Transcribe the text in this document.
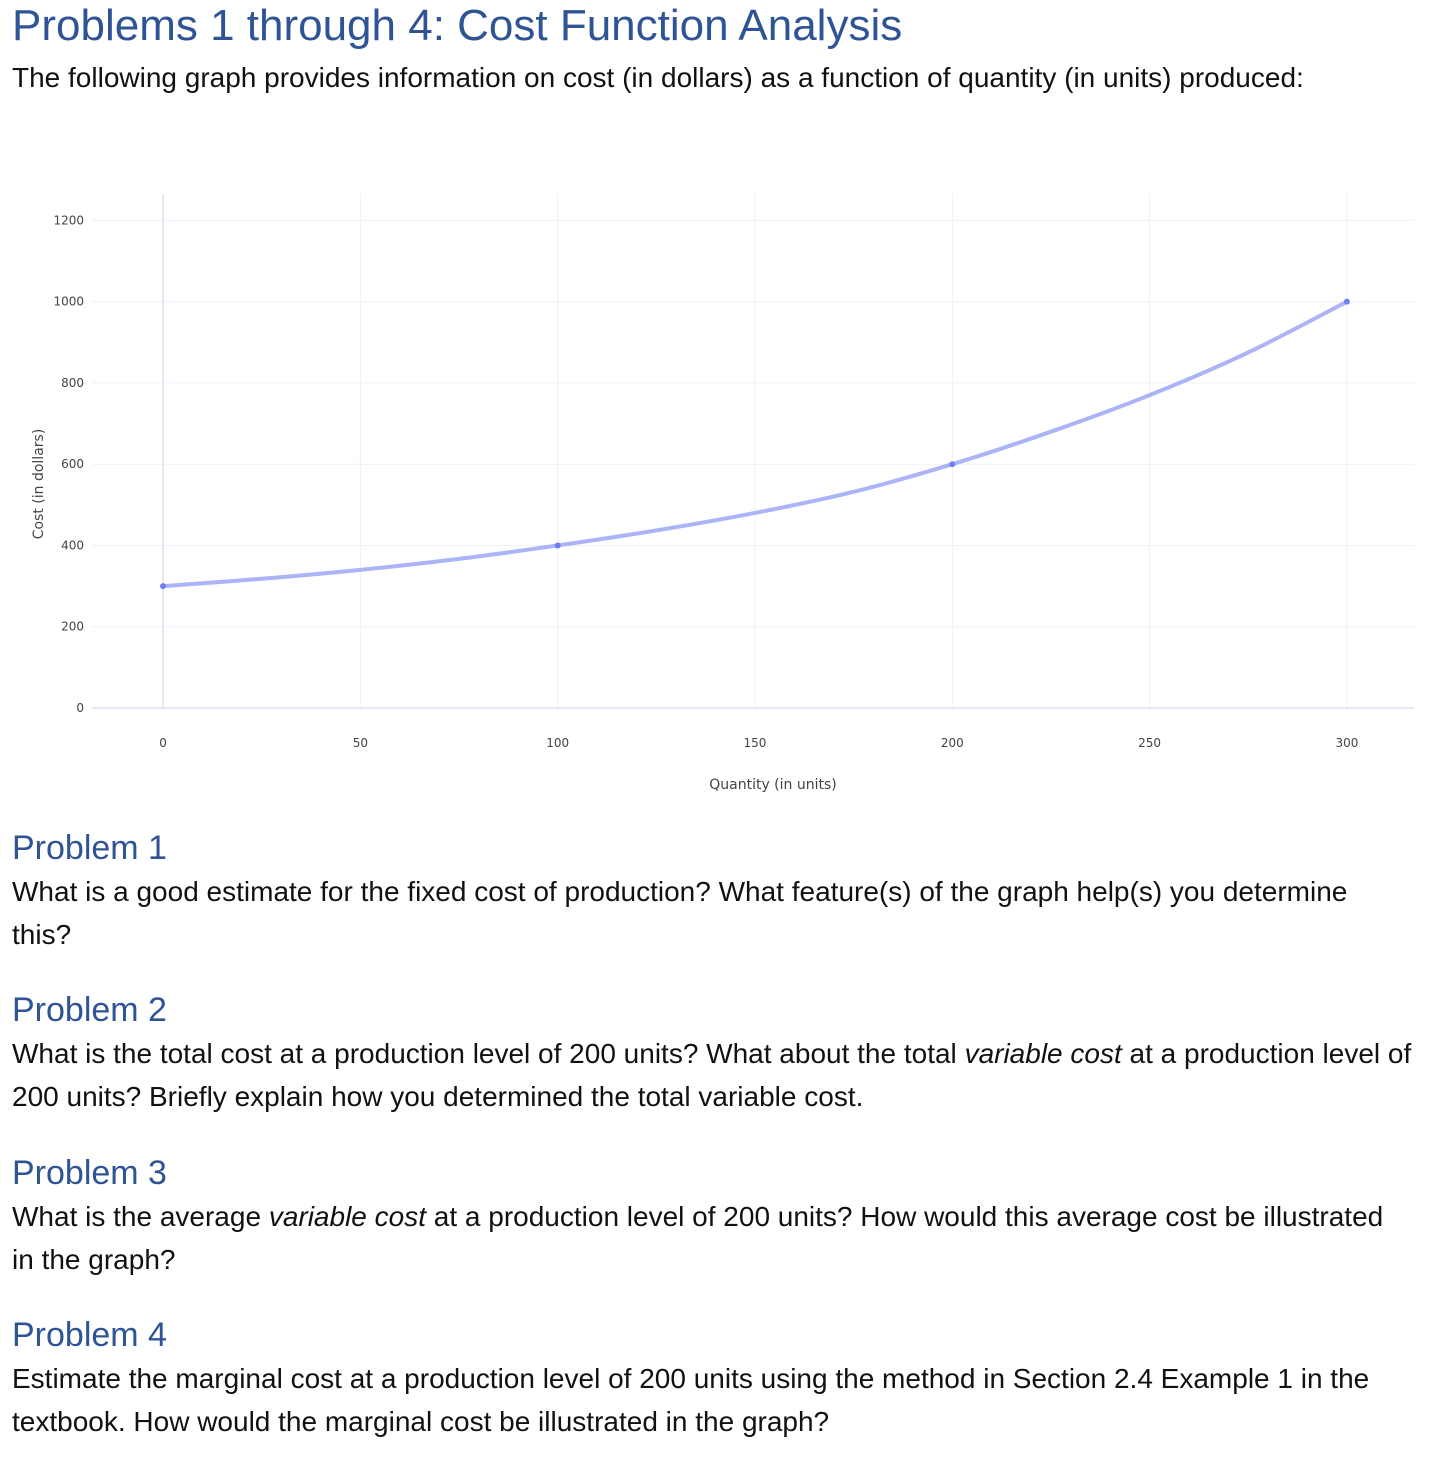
Problems 1 through 4: Cost Function Analysis

The following graph provides information on cost (in dollars) as a function of quantity (in units) produced:

0	50	100	150	200	250	300
0
200
400
600
800
1000
1200
Quantity (in units)
Cost (in dollars)
Problem 1

What is a good estimate for the fixed cost of production? What feature(s) of the graph help(s) you determine this?

Problem 2

What is the total cost at a production level of 200 units? What about the total variable cost at a production level of 200 units? Briefly explain how you determined the total variable cost.

Problem 3

What is the average variable cost at a production level of 200 units? How would this average cost be illustrated in the graph?

Problem 4

Estimate the marginal cost at a production level of 200 units using the method in Section 2.4 Example 1 in the textbook. How would the marginal cost be illustrated in the graph?
